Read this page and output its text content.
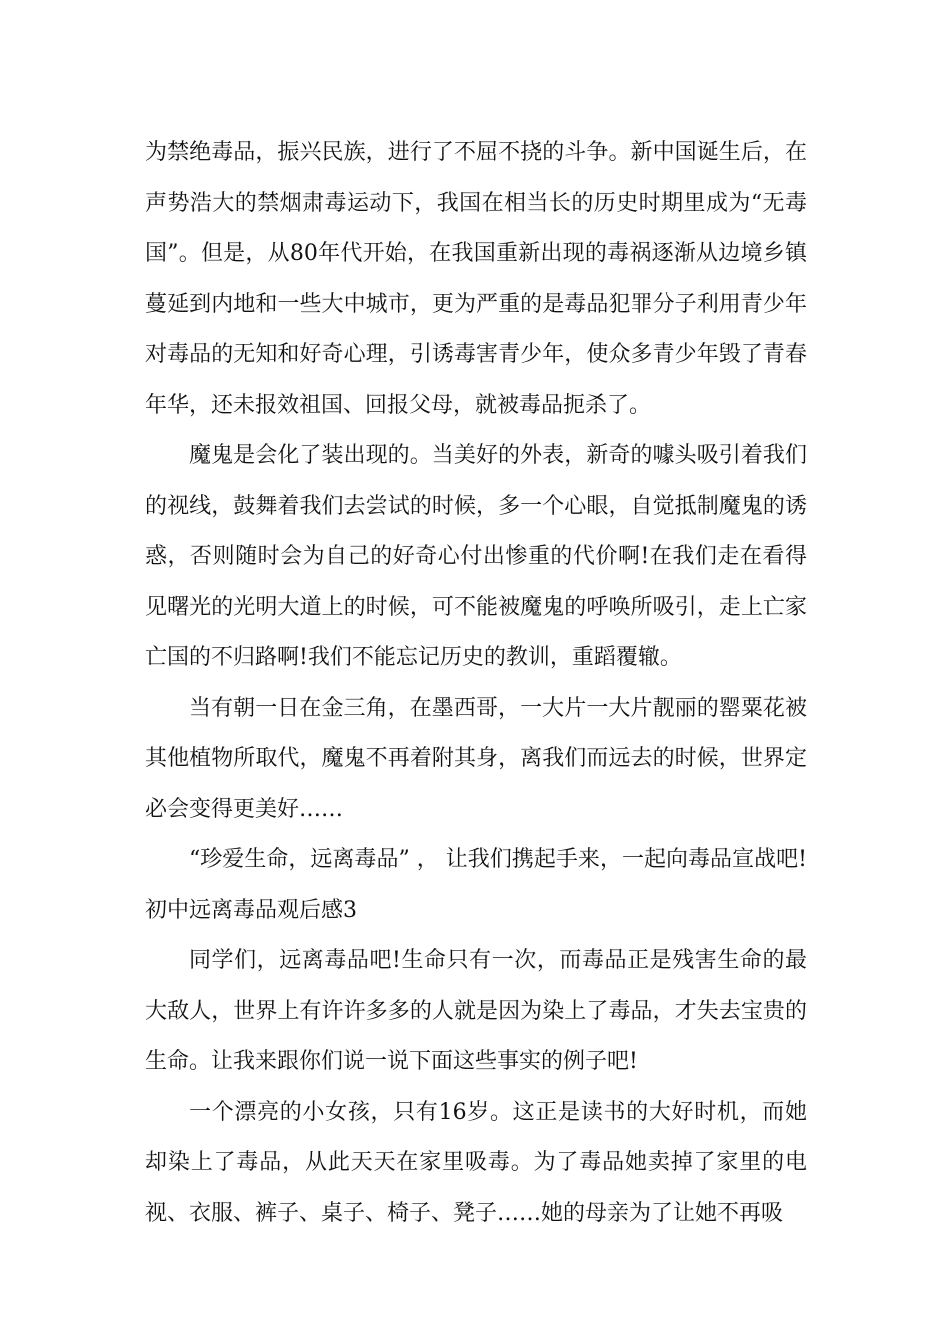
为禁绝毒品，振兴民族，进行了不屈不挠的斗争。新中国诞生后，在声势浩大的禁烟肃毒运动下，我国在相当长的历史时期里成为“无毒国”。但是，从80年代开始，在我国重新出现的毒祸逐渐从边境乡镇蔓延到内地和一些大中城市，更为严重的是毒品犯罪分子利用青少年对毒品的无知和好奇心理，引诱毒害青少年，使众多青少年毁了青春年华，还未报效祖国、回报父母，就被毒品扼杀了。

魔鬼是会化了装出现的。当美好的外表，新奇的噱头吸引着我们的视线，鼓舞着我们去尝试的时候，多一个心眼，自觉抵制魔鬼的诱惑，否则随时会为自己的好奇心付出惨重的代价啊!在我们走在看得见曙光的光明大道上的时候，可不能被魔鬼的呼唤所吸引，走上亡家亡国的不归路啊!我们不能忘记历史的教训，重蹈覆辙。

当有朝一日在金三角，在墨西哥，一大片一大片靓丽的罂粟花被其他植物所取代，魔鬼不再着附其身，离我们而远去的时候，世界定必会变得更美好……

“珍爱生命，远离毒品” ， 让我们携起手来，一起向毒品宣战吧!初中远离毒品观后感3

同学们，远离毒品吧!生命只有一次，而毒品正是残害生命的最大敌人，世界上有许许多多的人就是因为染上了毒品，才失去宝贵的生命。让我来跟你们说一说下面这些事实的例子吧!

一个漂亮的小女孩，只有16岁。这正是读书的大好时机，而她却染上了毒品，从此天天在家里吸毒。为了毒品她卖掉了家里的电视、衣服、裤子、桌子、椅子、凳子……她的母亲为了让她不再吸
